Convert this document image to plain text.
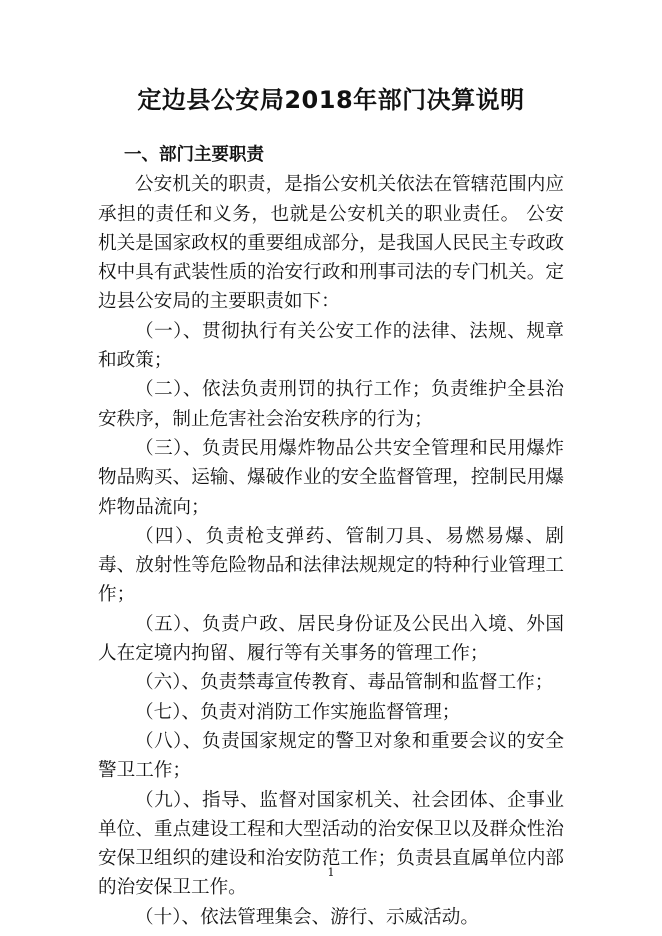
定边县公安局2018年部门决算说明
一、部门主要职责

公安机关的职责，是指公安机关依法在管辖范围内应承担的责任和义务，也就是公安机关的职业责任。 公安机关是国家政权的重要组成部分，是我国人民民主专政政权中具有武装性质的治安行政和刑事司法的专门机关。定边县公安局的主要职责如下：

（一）、贯彻执行有关公安工作的法律、法规、规章和政策；

（二）、依法负责刑罚的执行工作；负责维护全县治安秩序，制止危害社会治安秩序的行为；

（三）、负责民用爆炸物品公共安全管理和民用爆炸物品购买、运输、爆破作业的安全监督管理，控制民用爆炸物品流向；

（四）、负责枪支弹药、管制刀具、易燃易爆、剧毒、放射性等危险物品和法律法规规定的特种行业管理工作；

（五）、负责户政、居民身份证及公民出入境、外国人在定境内拘留、履行等有关事务的管理工作；

（六）、负责禁毒宣传教育、毒品管制和监督工作；

（七）、负责对消防工作实施监督管理；

（八）、负责国家规定的警卫对象和重要会议的安全警卫工作；

（九）、指导、监督对国家机关、社会团体、企事业单位、重点建设工程和大型活动的治安保卫以及群众性治安保卫组织的建设和治安防范工作；负责县直属单位内部的治安保卫工作。

（十）、依法管理集会、游行、示威活动。

1
